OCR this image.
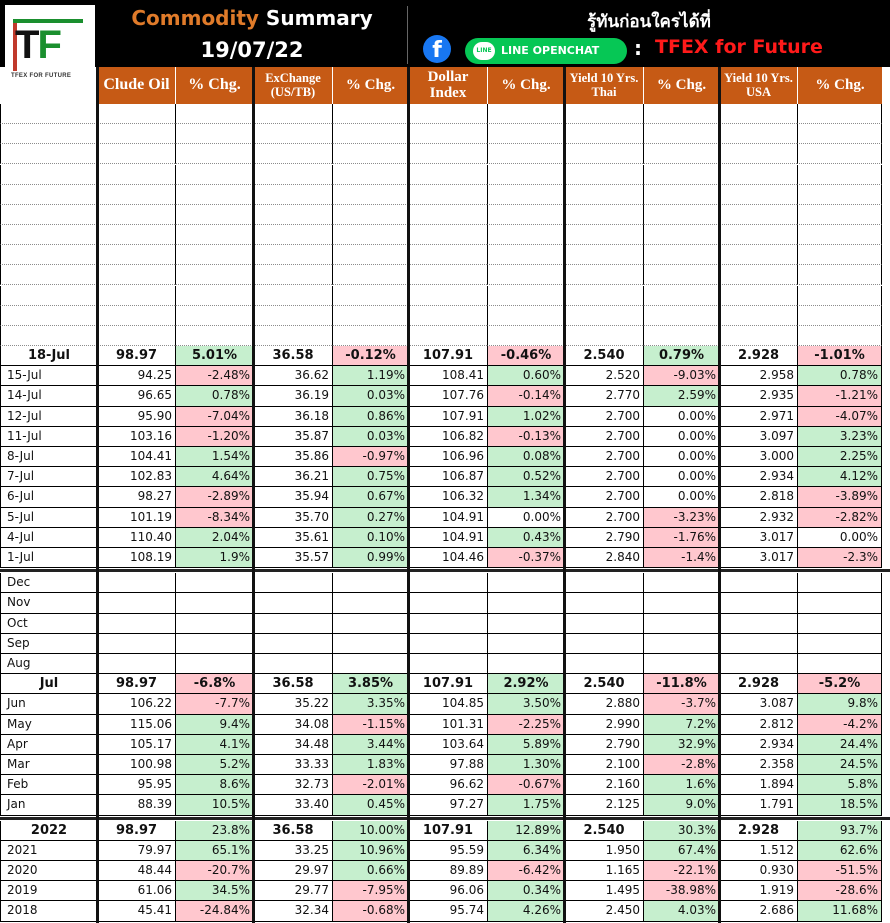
TF
TFEX FOR FUTURE
Commodity Summary
19/07/22
รู้ทันก่อนใครได้ที่
f	LINE LINE OPENCHAT	: TFEX for Future
Clude Oil	% Chg.	ExChange (US/TB)	% Chg.	Dollar Index	% Chg.	Yield 10 Yrs. Thai	% Chg.	Yield 10 Yrs. USA	% Chg.
18-Jul	98.97	5.01%	36.58	-0.12%	107.91	-0.46%	2.540	0.79%	2.928	-1.01%
15-Jul	94.25	-2.48%	36.62	1.19%	108.41	0.60%	2.520	-9.03%	2.958	0.78%
14-Jul	96.65	0.78%	36.19	0.03%	107.76	-0.14%	2.770	2.59%	2.935	-1.21%
12-Jul	95.90	-7.04%	36.18	0.86%	107.91	1.02%	2.700	0.00%	2.971	-4.07%
11-Jul	103.16	-1.20%	35.87	0.03%	106.82	-0.13%	2.700	0.00%	3.097	3.23%
8-Jul	104.41	1.54%	35.86	-0.97%	106.96	0.08%	2.700	0.00%	3.000	2.25%
7-Jul	102.83	4.64%	36.21	0.75%	106.87	0.52%	2.700	0.00%	2.934	4.12%
6-Jul	98.27	-2.89%	35.94	0.67%	106.32	1.34%	2.700	0.00%	2.818	-3.89%
5-Jul	101.19	-8.34%	35.70	0.27%	104.91	0.00%	2.700	-3.23%	2.932	-2.82%
4-Jul	110.40	2.04%	35.61	0.10%	104.91	0.43%	2.790	-1.76%	3.017	0.00%
1-Jul	108.19	1.9%	35.57	0.99%	104.46	-0.37%	2.840	-1.4%	3.017	-2.3%
Dec
Nov
Oct
Sep
Aug
Jul	98.97	-6.8%	36.58	3.85%	107.91	2.92%	2.540	-11.8%	2.928	-5.2%
Jun	106.22	-7.7%	35.22	3.35%	104.85	3.50%	2.880	-3.7%	3.087	9.8%
May	115.06	9.4%	34.08	-1.15%	101.31	-2.25%	2.990	7.2%	2.812	-4.2%
Apr	105.17	4.1%	34.48	3.44%	103.64	5.89%	2.790	32.9%	2.934	24.4%
Mar	100.98	5.2%	33.33	1.83%	97.88	1.30%	2.100	-2.8%	2.358	24.5%
Feb	95.95	8.6%	32.73	-2.01%	96.62	-0.67%	2.160	1.6%	1.894	5.8%
Jan	88.39	10.5%	33.40	0.45%	97.27	1.75%	2.125	9.0%	1.791	18.5%
2022	98.97	23.8%	36.58	10.00%	107.91	12.89%	2.540	30.3%	2.928	93.7%
2021	79.97	65.1%	33.25	10.96%	95.59	6.34%	1.950	67.4%	1.512	62.6%
2020	48.44	-20.7%	29.97	0.66%	89.89	-6.42%	1.165	-22.1%	0.930	-51.5%
2019	61.06	34.5%	29.77	-7.95%	96.06	0.34%	1.495	-38.98%	1.919	-28.6%
2018	45.41	-24.84%	32.34	-0.68%	95.74	4.26%	2.450	4.03%	2.686	11.68%
